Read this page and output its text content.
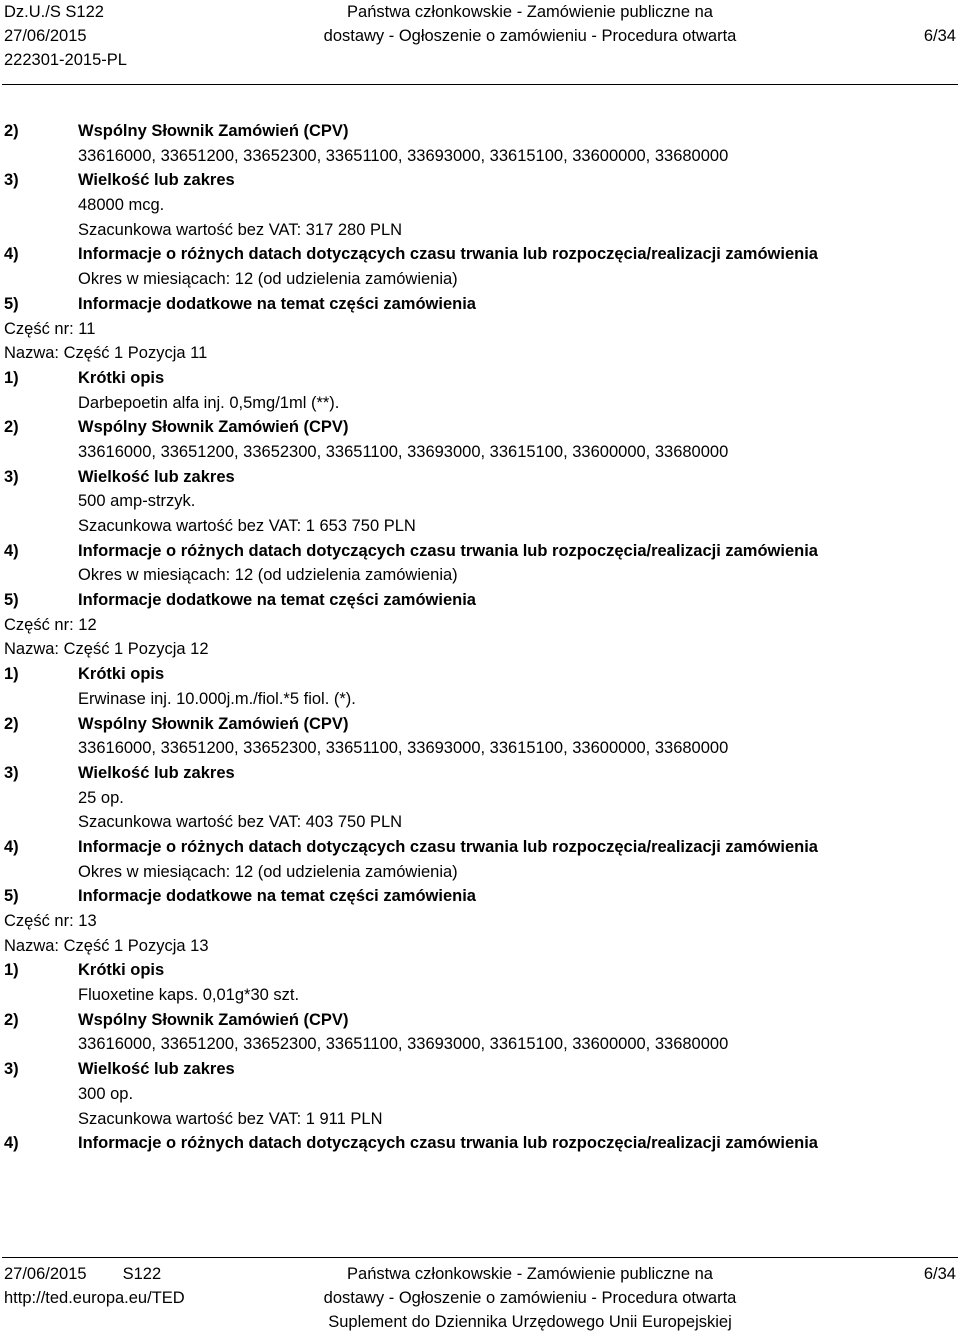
Dz.U./S S122
27/06/2015
222301-2015-PL
Państwa członkowskie - Zamówienie publiczne na
dostawy - Ogłoszenie o zamówieniu - Procedura otwarta
	6/34
2)	Wspólny Słownik Zamówień (CPV)
33616000, 33651200, 33652300, 33651100, 33693000, 33615100, 33600000, 33680000
3)	Wielkość lub zakres
48000 mcg.
Szacunkowa wartość bez VAT: 317 280 PLN
4)	Informacje o różnych datach dotyczących czasu trwania lub rozpoczęcia/realizacji zamówienia
Okres w miesiącach: 12 (od udzielenia zamówienia)
5)	Informacje dodatkowe na temat części zamówienia
Część nr: 11
Nazwa: Część 1 Pozycja 11
1)	Krótki opis
Darbepoetin alfa inj. 0,5mg/1ml (**).
2)	Wspólny Słownik Zamówień (CPV)
33616000, 33651200, 33652300, 33651100, 33693000, 33615100, 33600000, 33680000
3)	Wielkość lub zakres
500 amp-strzyk.
Szacunkowa wartość bez VAT: 1 653 750 PLN
4)	Informacje o różnych datach dotyczących czasu trwania lub rozpoczęcia/realizacji zamówienia
Okres w miesiącach: 12 (od udzielenia zamówienia)
5)	Informacje dodatkowe na temat części zamówienia
Część nr: 12
Nazwa: Część 1 Pozycja 12
1)	Krótki opis
Erwinase inj. 10.000j.m./fiol.*5 fiol. (*).
2)	Wspólny Słownik Zamówień (CPV)
33616000, 33651200, 33652300, 33651100, 33693000, 33615100, 33600000, 33680000
3)	Wielkość lub zakres
25 op.
Szacunkowa wartość bez VAT: 403 750 PLN
4)	Informacje o różnych datach dotyczących czasu trwania lub rozpoczęcia/realizacji zamówienia
Okres w miesiącach: 12 (od udzielenia zamówienia)
5)	Informacje dodatkowe na temat części zamówienia
Część nr: 13
Nazwa: Część 1 Pozycja 13
1)	Krótki opis
Fluoxetine kaps. 0,01g*30 szt.
2)	Wspólny Słownik Zamówień (CPV)
33616000, 33651200, 33652300, 33651100, 33693000, 33615100, 33600000, 33680000
3)	Wielkość lub zakres
300 op.
Szacunkowa wartość bez VAT: 1 911 PLN
4)	Informacje o różnych datach dotyczących czasu trwania lub rozpoczęcia/realizacji zamówienia
27/06/2015 S122
http://ted.europa.eu/TED
Państwa członkowskie - Zamówienie publiczne na
dostawy - Ogłoszenie o zamówieniu - Procedura otwarta
Suplement do Dziennika Urzędowego Unii Europejskiej
6/34
